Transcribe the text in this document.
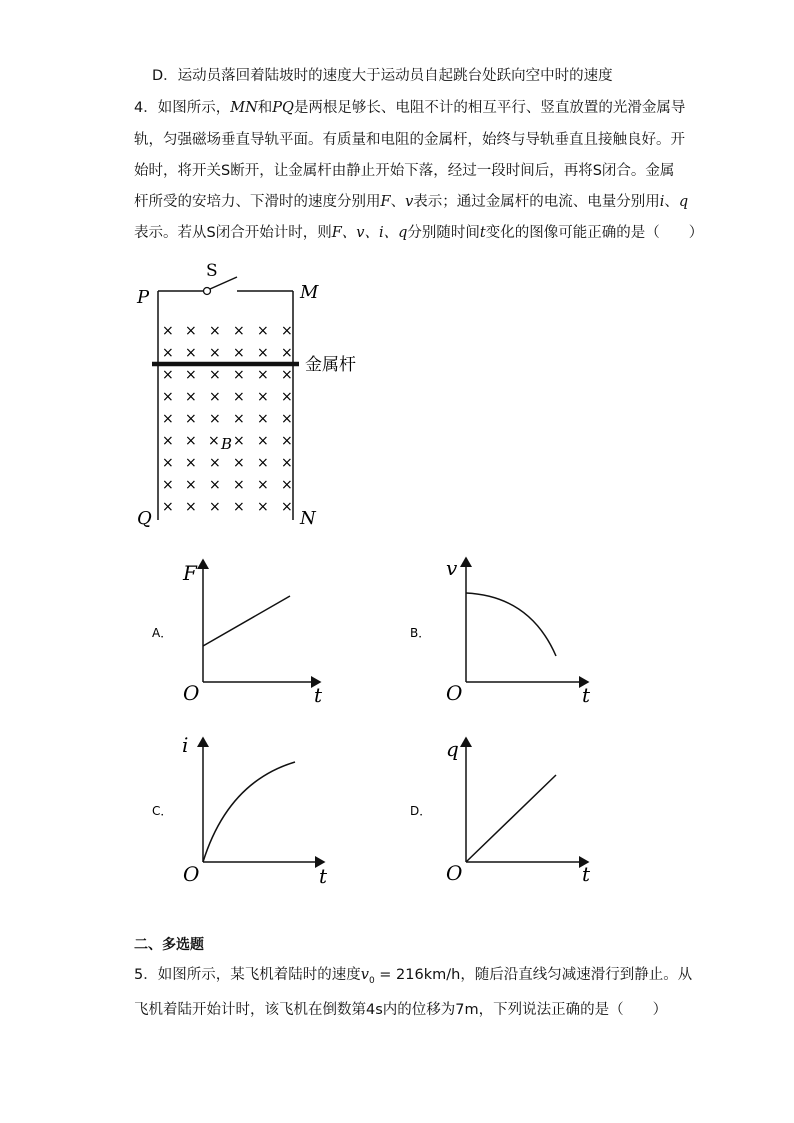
D．运动员落回着陆坡时的速度大于运动员自起跳台处跃向空中时的速度
4．如图所示，MN和PQ是两根足够长、电阻不计的相互平行、竖直放置的光滑金属导
轨，匀强磁场垂直导轨平面。有质量和电阻的金属杆，始终与导轨垂直且接触良好。开
始时，将开关S断开，让金属杆由静止开始下落，经过一段时间后，再将S闭合。金属
杆所受的安培力、下滑时的速度分别用F、v表示；通过金属杆的电流、电量分别用i、q
表示。若从S闭合开始计时，则F、v、i、q分别随时间t变化的图像可能正确的是（　　）
S
P	M
Q	N
金属杆
× × × × × ×
× × × × × ×
× × × × × ×
× × × × × ×
× × × × × ×
× ×	× × ×
× × × × × ×
× × × × × ×
× × × × × ×
× B
A．
F
t
O
B．
v
t
O
C．
i
t
O
D．
q
t
O
二、多选题
5．如图所示，某飞机着陆时的速度$v_0 = 216km/h$，随后沿直线匀减速滑行到静止。从
飞机着陆开始计时，该飞机在倒数第4s内的位移为7m，下列说法正确的是（　　）
